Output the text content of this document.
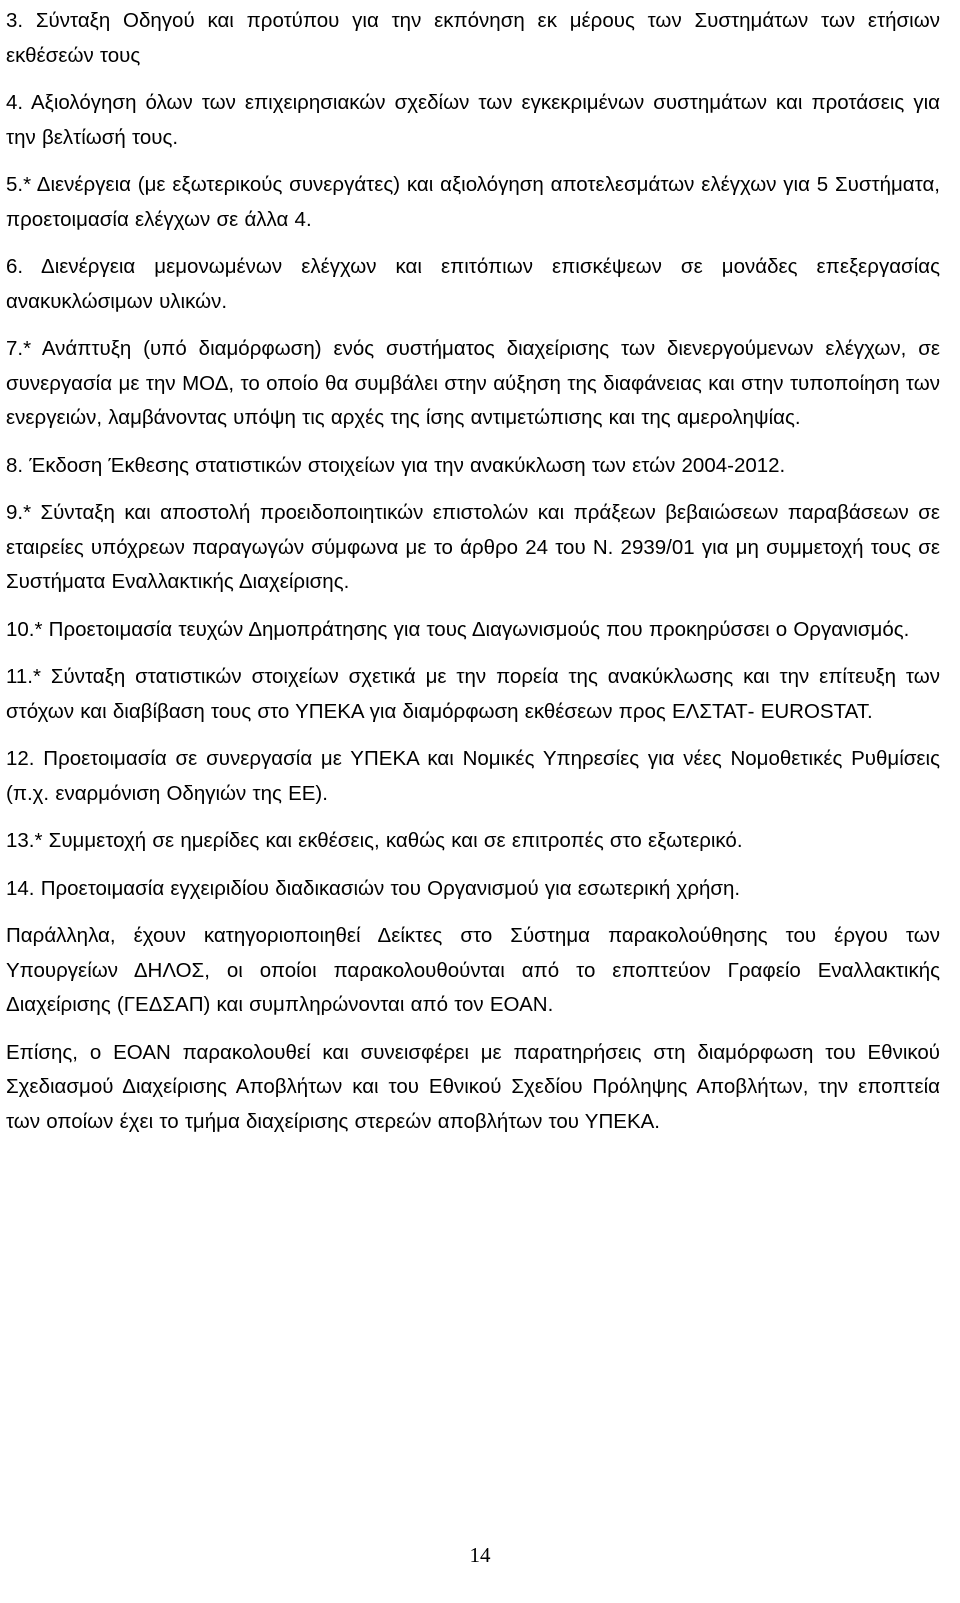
3. Σύνταξη Οδηγού και προτύπου για την εκπόνηση εκ μέρους των Συστημάτων των ετήσιων εκθέσεών τους

4. Αξιολόγηση όλων των επιχειρησιακών σχεδίων των εγκεκριμένων συστημάτων και προτάσεις για την βελτίωσή τους.

5.* Διενέργεια (με εξωτερικούς συνεργάτες) και αξιολόγηση αποτελεσμάτων ελέγχων για 5 Συστήματα, προετοιμασία ελέγχων σε άλλα 4.

6. Διενέργεια μεμονωμένων ελέγχων και επιτόπιων επισκέψεων σε μονάδες επεξεργασίας ανακυκλώσιμων υλικών.

7.* Ανάπτυξη (υπό διαμόρφωση) ενός συστήματος διαχείρισης των διενεργούμενων ελέγχων, σε συνεργασία με την ΜΟΔ, το οποίο θα συμβάλει στην αύξηση της διαφάνειας και στην τυποποίηση των ενεργειών, λαμβάνοντας υπόψη τις αρχές της ίσης αντιμετώπισης και της αμεροληψίας.

8. Έκδοση Έκθεσης στατιστικών στοιχείων για την ανακύκλωση των ετών 2004-2012.

9.* Σύνταξη και αποστολή προειδοποιητικών επιστολών και πράξεων βεβαιώσεων παραβάσεων σε εταιρείες υπόχρεων παραγωγών σύμφωνα με το άρθρο 24 του Ν. 2939/01 για μη συμμετοχή τους σε Συστήματα Εναλλακτικής Διαχείρισης.

10.* Προετοιμασία τευχών Δημοπράτησης για τους Διαγωνισμούς που προκηρύσσει ο Οργανισμός.

11.* Σύνταξη στατιστικών στοιχείων σχετικά με την πορεία της ανακύκλωσης και την επίτευξη των στόχων και διαβίβαση τους στο ΥΠΕΚΑ για διαμόρφωση εκθέσεων προς ΕΛΣΤΑΤ- EUROSTAT.

12. Προετοιμασία σε συνεργασία με ΥΠΕΚΑ και Νομικές Υπηρεσίες για νέες Νομοθετικές Ρυθμίσεις (π.χ. εναρμόνιση Οδηγιών της ΕΕ).

13.* Συμμετοχή σε ημερίδες και εκθέσεις, καθώς και σε επιτροπές στο εξωτερικό.

14. Προετοιμασία εγχειριδίου διαδικασιών του Οργανισμού για εσωτερική χρήση.

Παράλληλα, έχουν κατηγοριοποιηθεί Δείκτες στο Σύστημα παρακολούθησης του έργου των Υπουργείων ΔΗΛΟΣ, οι οποίοι παρακολουθούνται από το εποπτεύον Γραφείο Εναλλακτικής Διαχείρισης (ΓΕΔΣΑΠ) και συμπληρώνονται από τον ΕΟΑΝ.

Επίσης, ο ΕΟΑΝ παρακολουθεί και συνεισφέρει με παρατηρήσεις στη διαμόρφωση του Εθνικού Σχεδιασμού Διαχείρισης Αποβλήτων και του Εθνικού Σχεδίου Πρόληψης Αποβλήτων, την εποπτεία των οποίων έχει το τμήμα διαχείρισης στερεών αποβλήτων του ΥΠΕΚΑ.

14
